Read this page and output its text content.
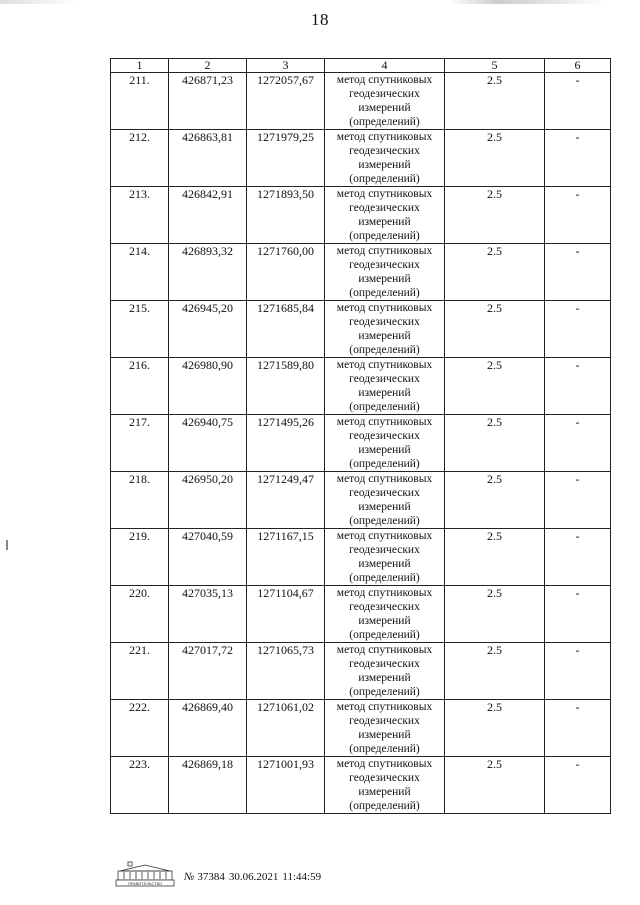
18
1	2	3	4	5	6
211.	426871,23	1272057,67	метод спутниковых
геодезических
измерений
(определений)	2.5	-
212.	426863,81	1271979,25	метод спутниковых
геодезических
измерений
(определений)	2.5	-
213.	426842,91	1271893,50	метод спутниковых
геодезических
измерений
(определений)	2.5	-
214.	426893,32	1271760,00	метод спутниковых
геодезических
измерений
(определений)	2.5	-
215.	426945,20	1271685,84	метод спутниковых
геодезических
измерений
(определений)	2.5	-
216.	426980,90	1271589,80	метод спутниковых
геодезических
измерений
(определений)	2.5	-
217.	426940,75	1271495,26	метод спутниковых
геодезических
измерений
(определений)	2.5	-
218.	426950,20	1271249,47	метод спутниковых
геодезических
измерений
(определений)	2.5	-
219.	427040,59	1271167,15	метод спутниковых
геодезических
измерений
(определений)	2.5	-
220.	427035,13	1271104,67	метод спутниковых
геодезических
измерений
(определений)	2.5	-
221.	427017,72	1271065,73	метод спутниковых
геодезических
измерений
(определений)	2.5	-
222.	426869,40	1271061,02	метод спутниковых
геодезических
измерений
(определений)	2.5	-
223.	426869,18	1271001,93	метод спутниковых
геодезических
измерений
(определений)	2.5	-
ПРАВИТЕЛЬСТВО
№ 37384 30.06.2021 11:44:59
